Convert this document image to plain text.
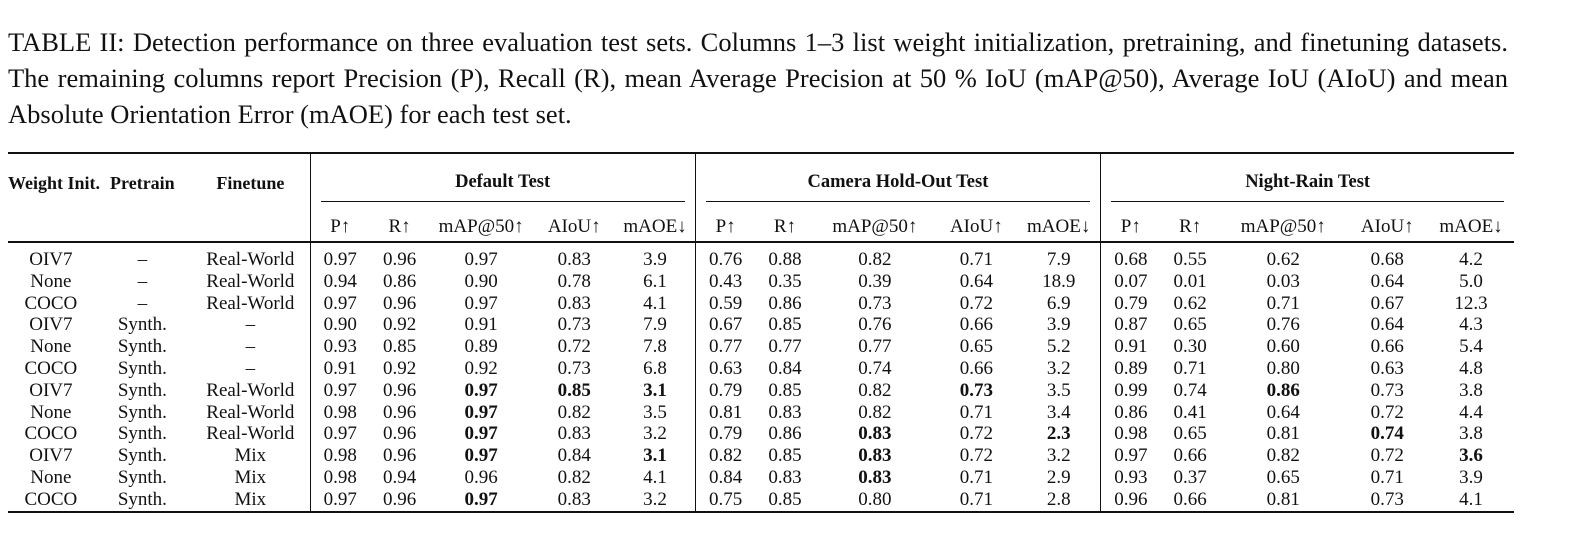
TABLE II: Detection performance on three evaluation test sets. Columns 1–3 list weight initialization, pretraining, and finetuning datasets. The remaining columns report Precision (P), Recall (R), mean Average Precision at 50 % IoU (mAP@50), Average IoU (AIoU) and mean Absolute Orientation Error (mAOE) for each test set.
Weight Init.	Pretrain	Finetune	Default Test					Camera Hold-Out Test					Night-Rain Test				

			P↑	R↑	mAP@50↑	AIoU↑	mAOE↓	P↑	R↑	mAP@50↑	AIoU↑	mAOE↓	P↑	R↑	mAP@50↑	AIoU↑	mAOE↓

OIV7	–	Real-World	0.97	0.96	0.97	0.83	3.9	0.76	0.88	0.82	0.71	7.9	0.68	0.55	0.62	0.68	4.2
None	–	Real-World	0.94	0.86	0.90	0.78	6.1	0.43	0.35	0.39	0.64	18.9	0.07	0.01	0.03	0.64	5.0
COCO	–	Real-World	0.97	0.96	0.97	0.83	4.1	0.59	0.86	0.73	0.72	6.9	0.79	0.62	0.71	0.67	12.3
OIV7	Synth.	–	0.90	0.92	0.91	0.73	7.9	0.67	0.85	0.76	0.66	3.9	0.87	0.65	0.76	0.64	4.3
None	Synth.	–	0.93	0.85	0.89	0.72	7.8	0.77	0.77	0.77	0.65	5.2	0.91	0.30	0.60	0.66	5.4
COCO	Synth.	–	0.91	0.92	0.92	0.73	6.8	0.63	0.84	0.74	0.66	3.2	0.89	0.71	0.80	0.63	4.8
OIV7	Synth.	Real-World	0.97	0.96	0.97	0.85	3.1	0.79	0.85	0.82	0.73	3.5	0.99	0.74	0.86	0.73	3.8
None	Synth.	Real-World	0.98	0.96	0.97	0.82	3.5	0.81	0.83	0.82	0.71	3.4	0.86	0.41	0.64	0.72	4.4
COCO	Synth.	Real-World	0.97	0.96	0.97	0.83	3.2	0.79	0.86	0.83	0.72	2.3	0.98	0.65	0.81	0.74	3.8
OIV7	Synth.	Mix	0.98	0.96	0.97	0.84	3.1	0.82	0.85	0.83	0.72	3.2	0.97	0.66	0.82	0.72	3.6
None	Synth.	Mix	0.98	0.94	0.96	0.82	4.1	0.84	0.83	0.83	0.71	2.9	0.93	0.37	0.65	0.71	3.9
COCO	Synth.	Mix	0.97	0.96	0.97	0.83	3.2	0.75	0.85	0.80	0.71	2.8	0.96	0.66	0.81	0.73	4.1
